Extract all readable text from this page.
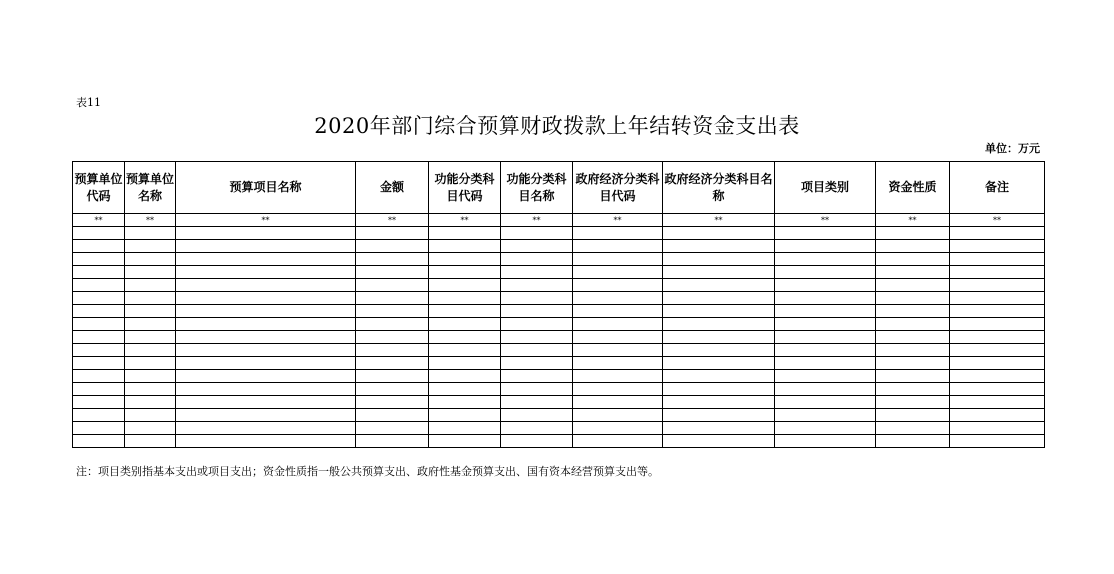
表11
2020年部门综合预算财政拨款上年结转资金支出表
单位：万元
预算单位代码	预算单位名称	预算项目名称	金额	功能分类科目代码	功能分类科目名称	政府经济分类科目代码	政府经济分类科目名称	项目类别	资金性质	备注
**	**	**	**	**	**	**	**	**	**	**

注：项目类别指基本支出或项目支出；资金性质指一般公共预算支出、政府性基金预算支出、国有资本经营预算支出等。
